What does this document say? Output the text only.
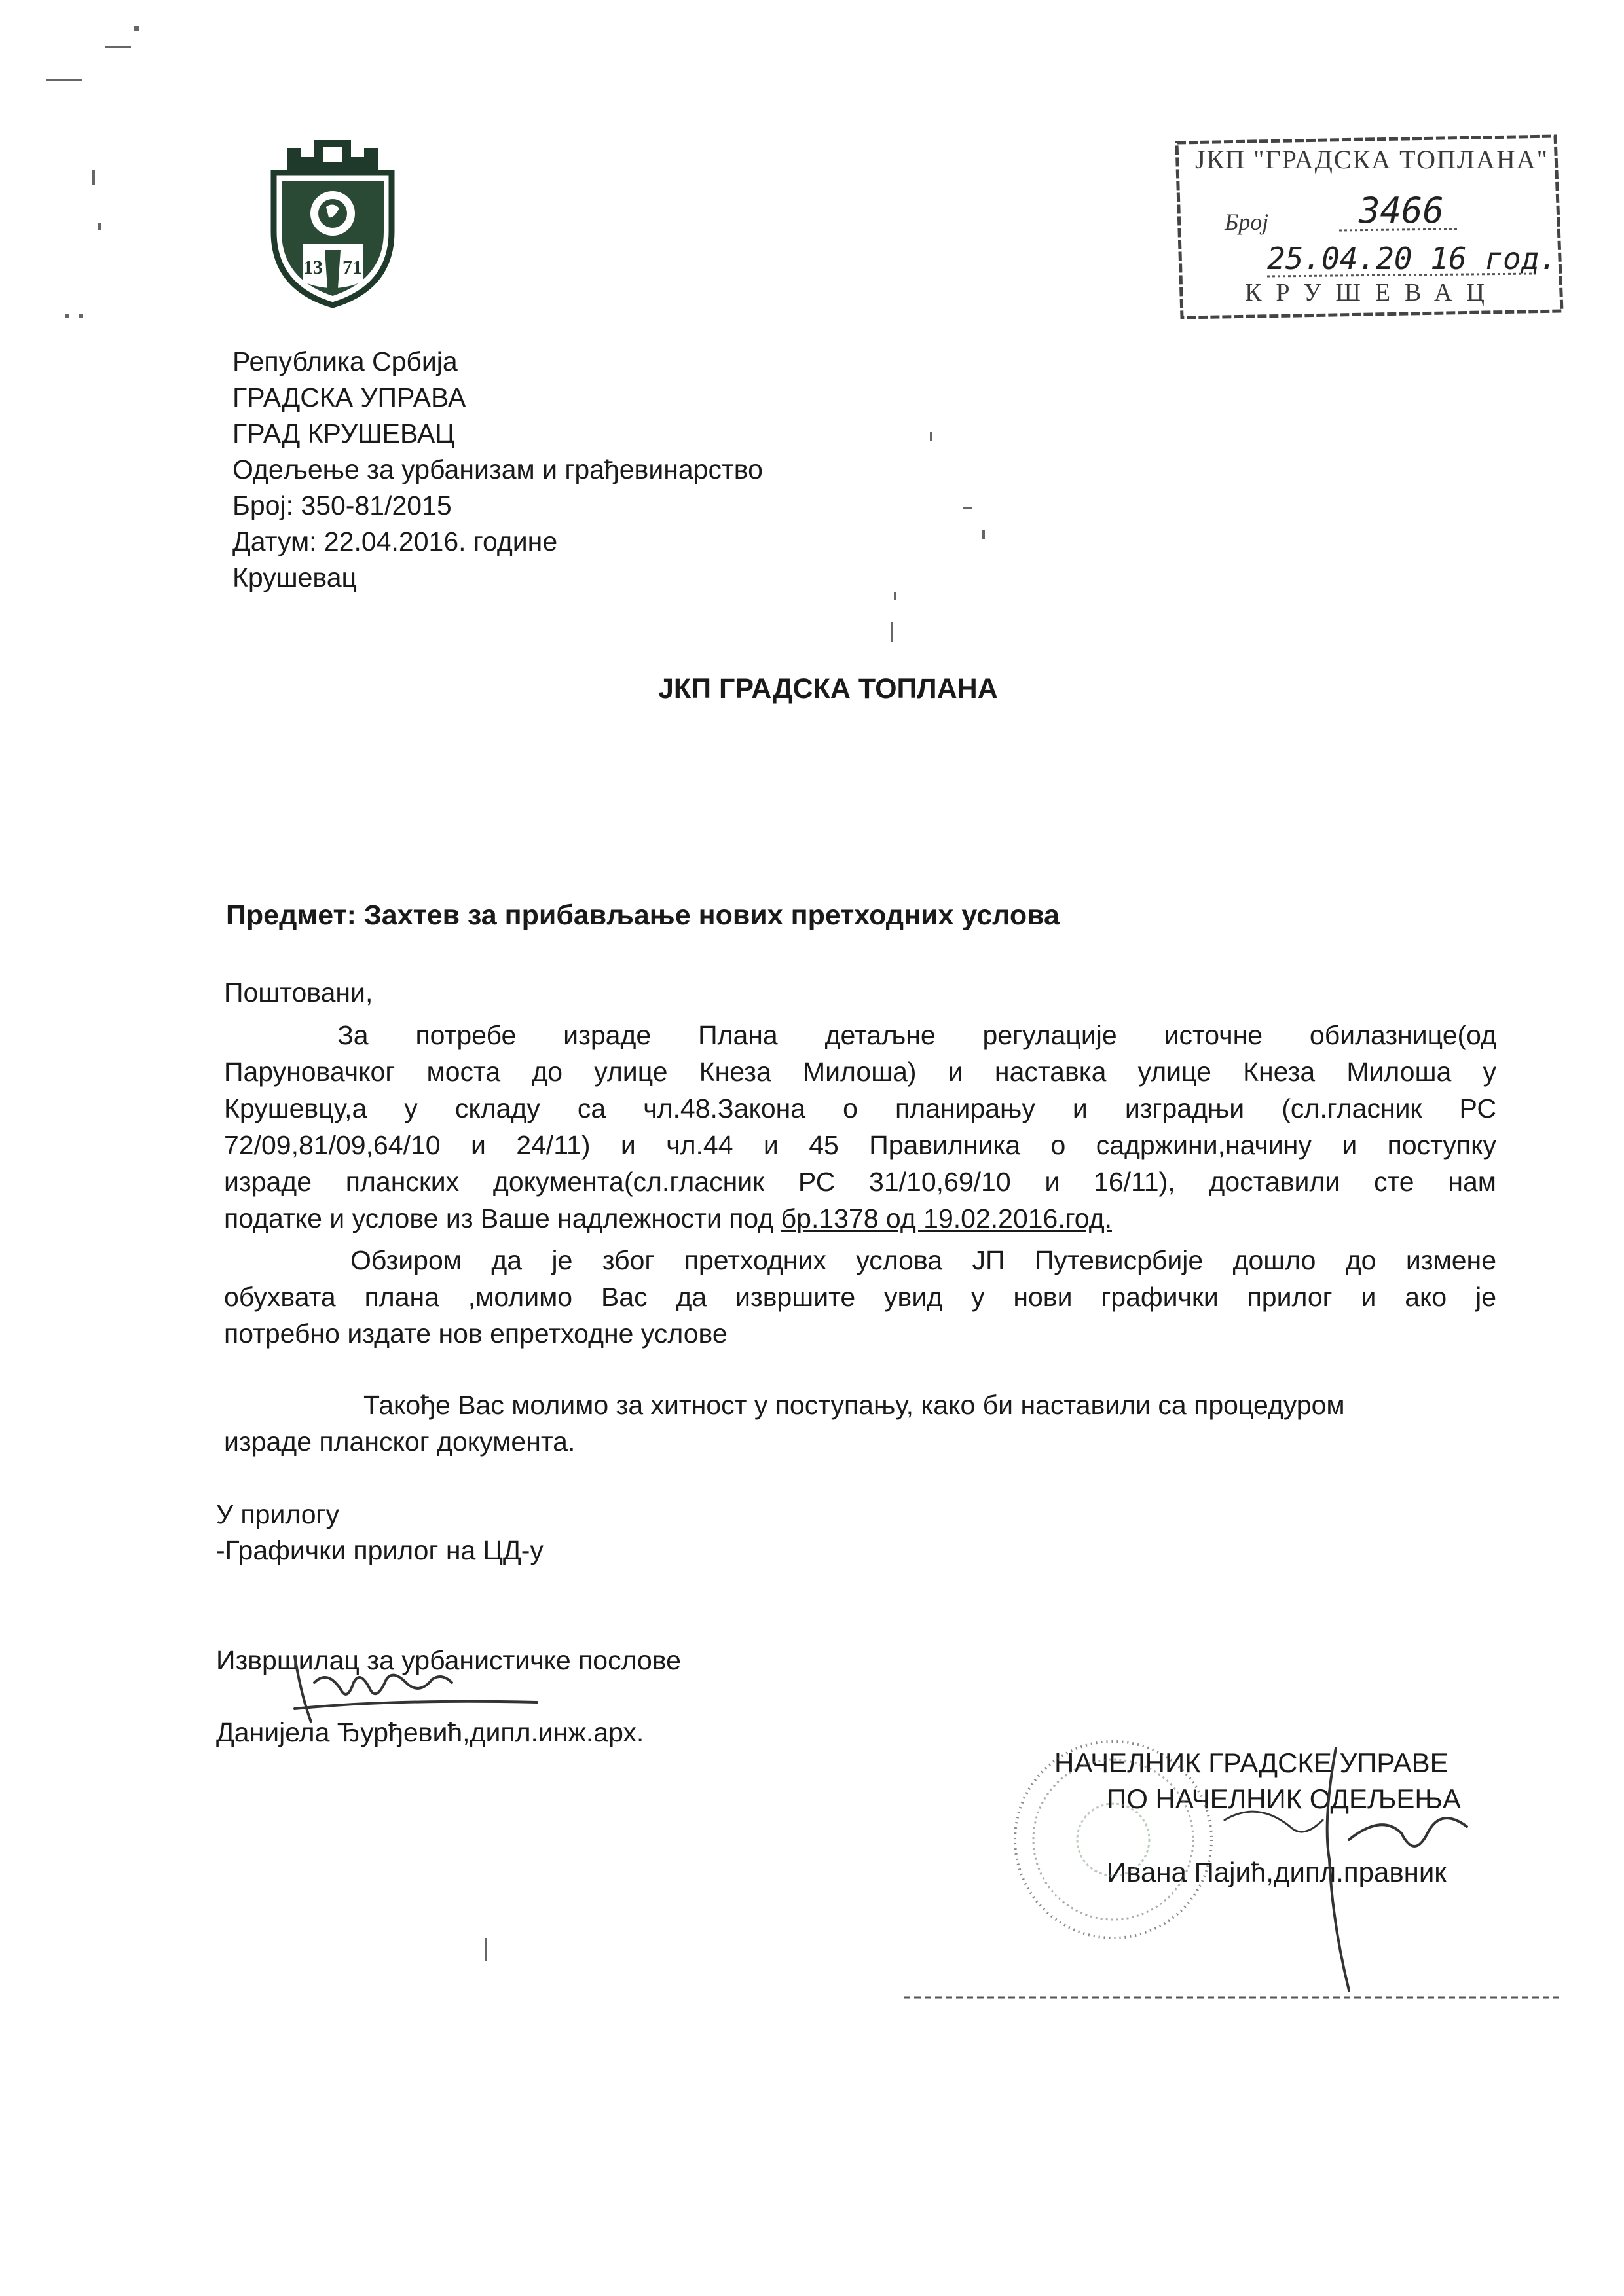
13 71
ЈКП "ГРАДСКА ТОПЛАНА"
Број	3466
25.04.20 16 год.
КРУШЕВАЦ
Република Србија
ГРАДСКА УПРАВА
ГРАД КРУШЕВАЦ
Одељење за урбанизам и грађевинарство
Број: 350-81/2015
Датум: 22.04.2016. године
Крушевац
ЈКП ГРАДСКА ТОПЛАНА
Предмет: Захтев за прибављање нових претходних услова
Поштовани,
За потребе израде Плана детаљне регулације источне обилазнице(од
Паруновачког моста до улице Кнеза Милоша) и наставка улице Кнеза Милоша у
Крушевцу,а у складу са чл.48.Закона о планирању и изградњи (сл.гласник РС
72/09,81/09,64/10 и 24/11) и чл.44 и 45 Правилника о садржини,начину и поступку
израде планских документа(сл.гласник РС 31/10,69/10 и 16/11), доставили сте нам
податке и услове из Ваше надлежности под бр.1378 од 19.02.2016.год.
Обзиром да је због претходних услова ЈП Путевисрбије дошло до измене
обухвата плана ,молимо Вас да извршите увид у нови графички прилог и ако је
потребно издате нов епретходне услове
Такође Вас молимо за хитност у поступању, како би наставили са процедуром
израде планског документа.
У прилогу
-Графички прилог на ЦД-у
Извршилац за урбанистичке послове
Данијела Ђурђевић,дипл.инж.арх.
НАЧЕЛНИК ГРАДСКЕ УПРАВЕ
ПО НАЧЕЛНИК ОДЕЉЕЊА
Ивана Пајић,дипл.правник
